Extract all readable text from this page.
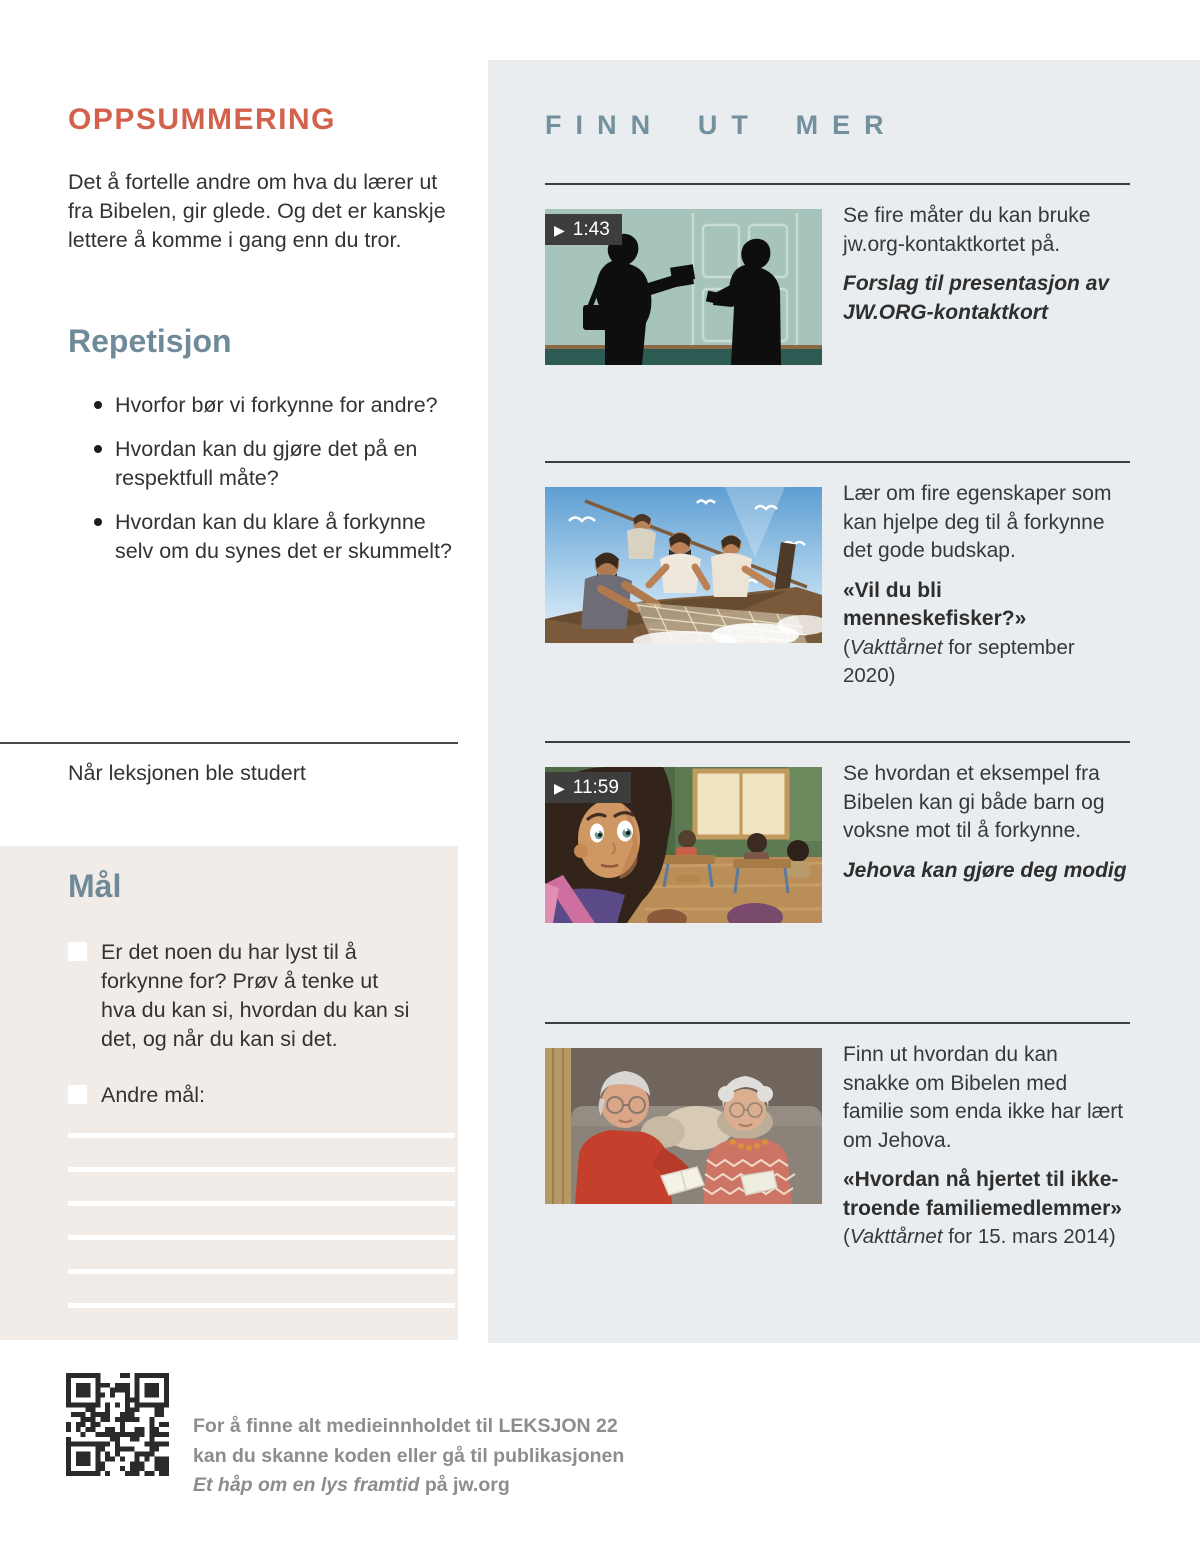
OPPSUMMERING

Det å fortelle andre om hva du lærer ut fra Bibelen, gir glede. Og det er kanskje lettere å komme i gang enn du tror.

Repetisjon
Hvorfor bør vi forkynne for andre?
Hvordan kan du gjøre det på en respektfull måte?
Hvordan kan du klare å forkynne selv om du synes det er skummelt?
Når leksjonen ble studert
Mål
Er det noen du har lyst til å forkynne for? Prøv å tenke ut hva du kan si, hvordan du kan si det, og når du kan si det.
Andre mål:
FINN UT MER
▶ 1:43

Se fire måter du kan bruke jw.org-kontaktkortet på.

Forslag til presentasjon av JW.ORG-kontaktkort

Lær om fire egenskaper som kan hjelpe deg til å forkynne det gode budskap.

«Vil du bli menneskefisker?»

(Vakttårnet for september 2020)

▶ 11:59

Se hvordan et eksempel fra Bibelen kan gi både barn og voksne mot til å forkynne.

Jehova kan gjøre deg modig

Finn ut hvordan du kan snakke om Bibelen med familie som enda ikke har lært om Jehova.

«Hvordan nå hjertet til ikke-troende familiemedlemmer»

(Vakttårnet for 15. mars 2014)

For å finne alt medieinnholdet til LEKSJON 22
kan du skanne koden eller gå til publikasjonen
Et håp om en lys framtid på jw.org
